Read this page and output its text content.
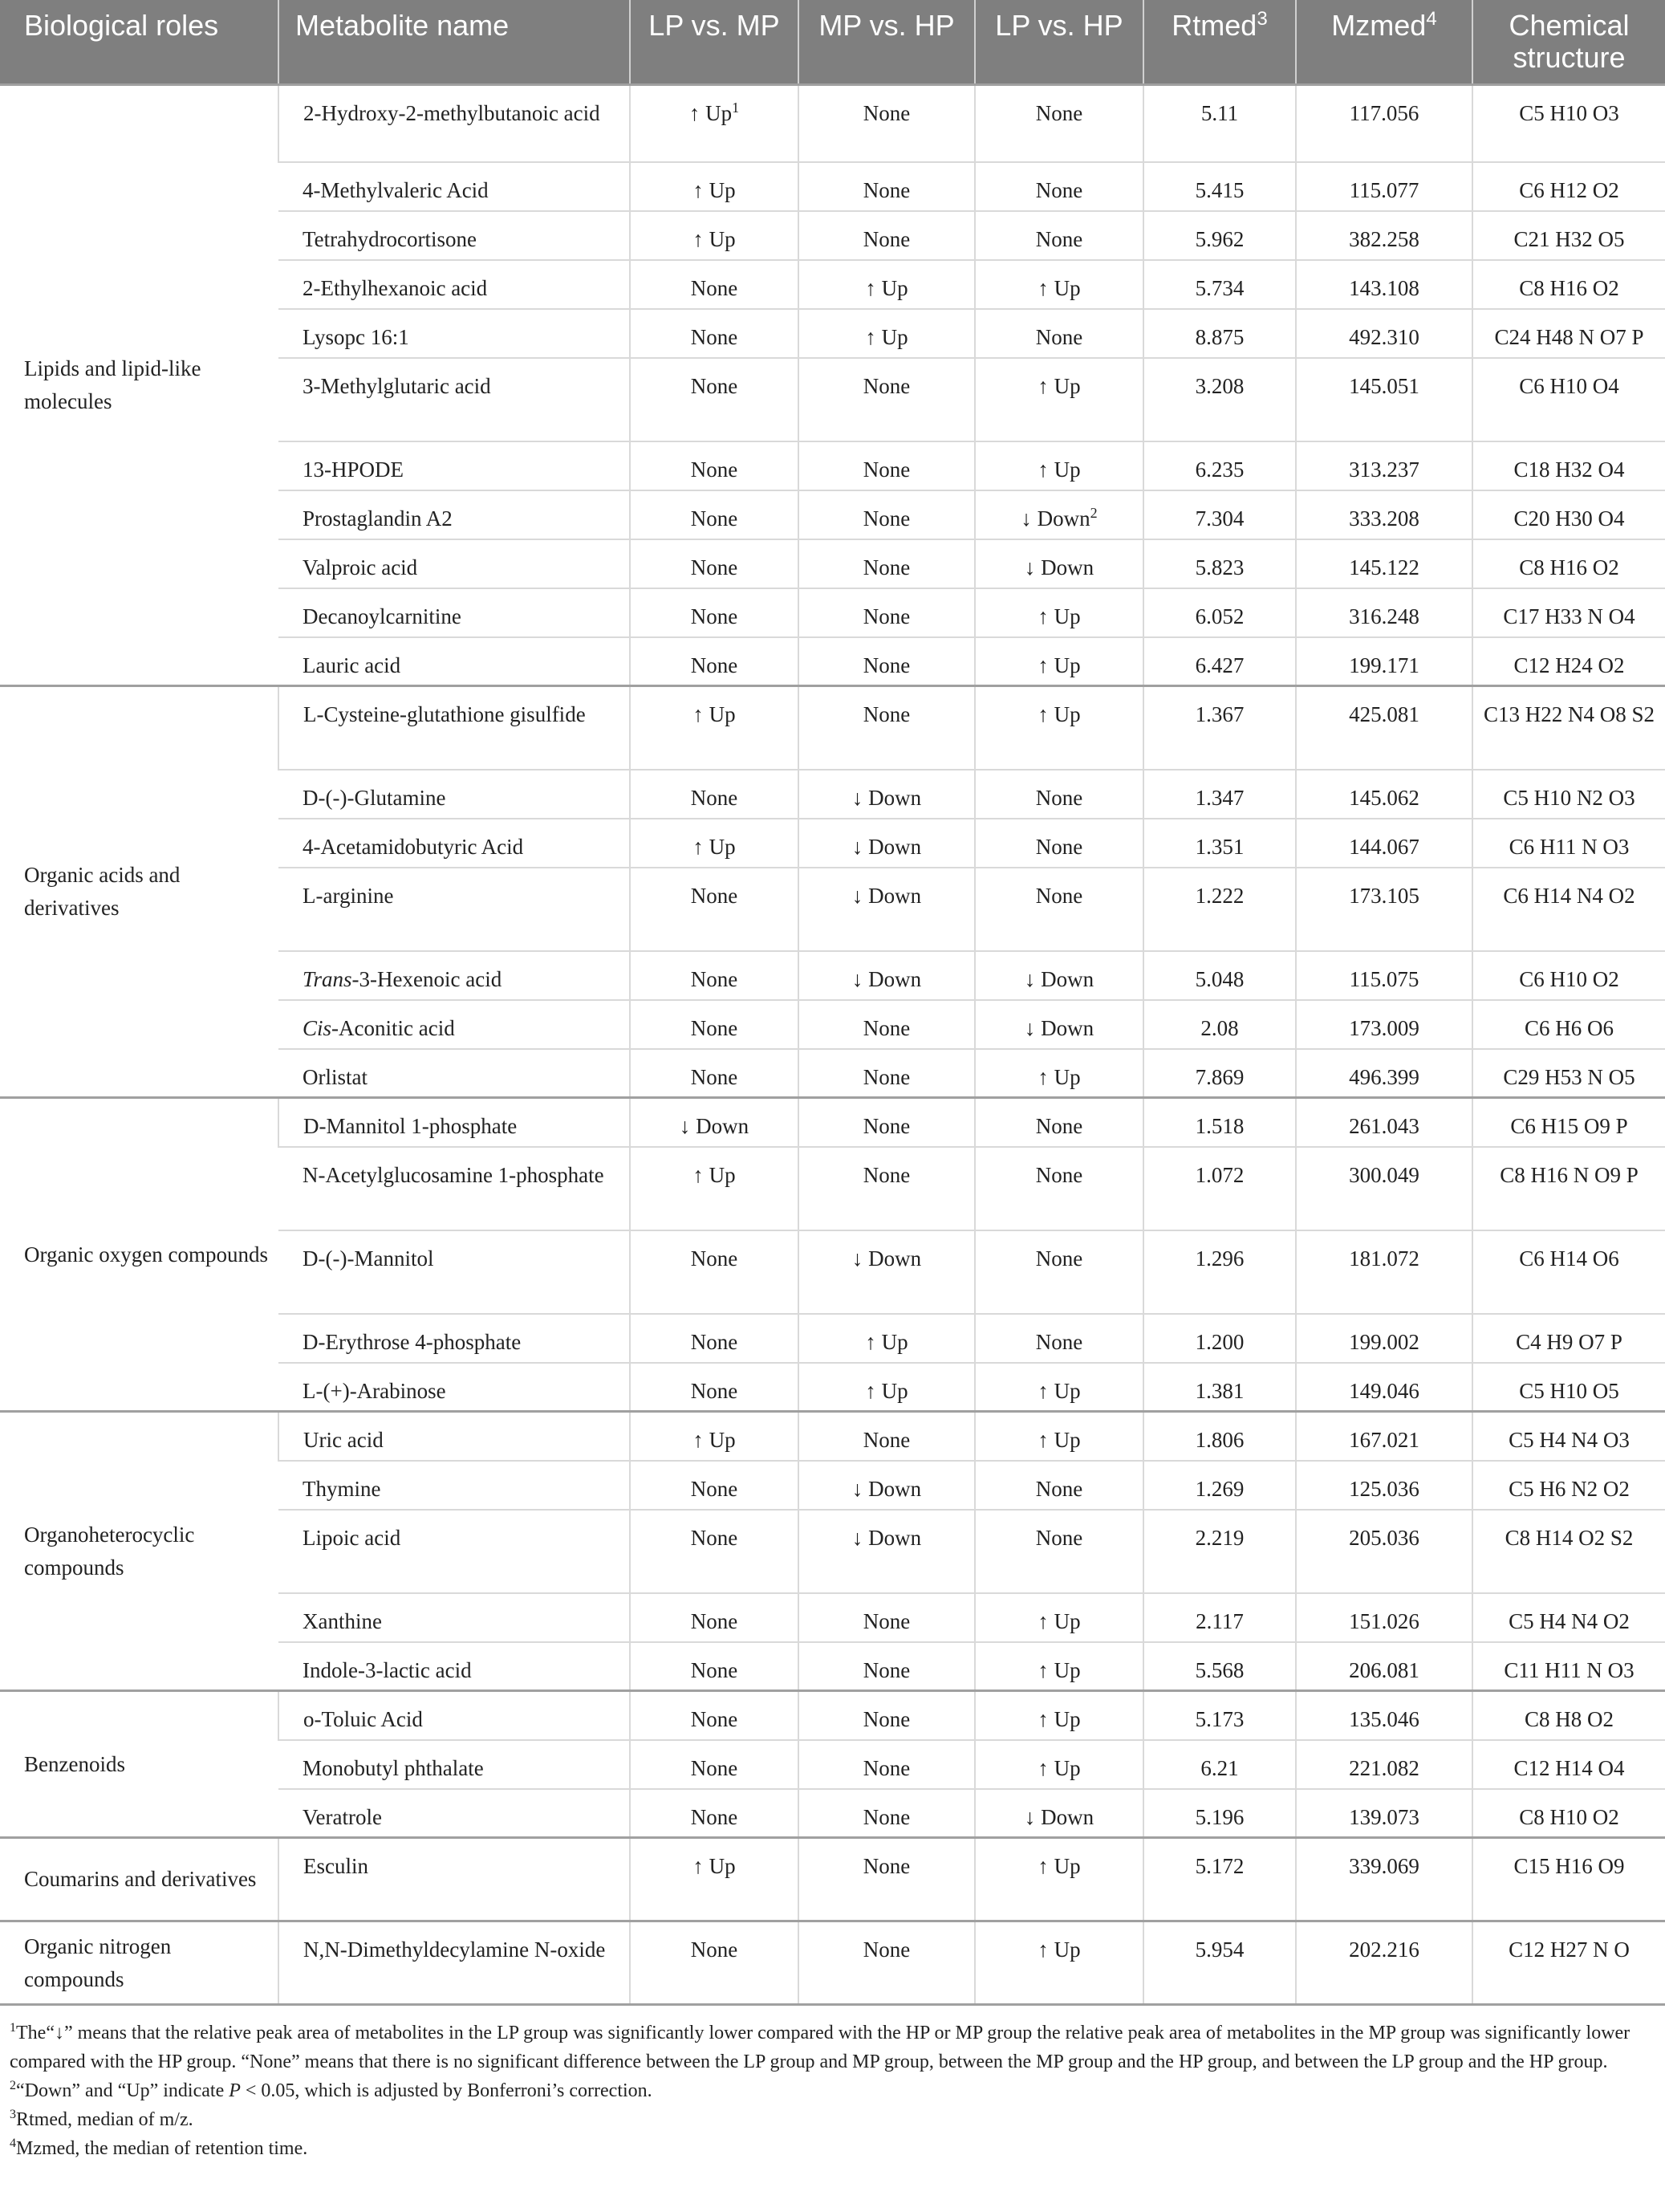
Biological roles	Metabolite name	LP vs. MP	MP vs. HP	LP vs. HP	Rtmed$^3$	Mzmed$^4$	Chemical structure
Lipids and lipid-like molecules	2-Hydroxy-2-methylbutanoic acid	↑ Up$^1$	None	None	5.11	117.056	C5 H10 O3
	4-Methylvaleric Acid	↑ Up	None	None	5.415	115.077	C6 H12 O2
	Tetrahydrocortisone	↑ Up	None	None	5.962	382.258	C21 H32 O5
	2-Ethylhexanoic acid	None	↑ Up	↑ Up	5.734	143.108	C8 H16 O2
	Lysopc 16:1	None	↑ Up	None	8.875	492.310	C24 H48 N O7 P
	3-Methylglutaric acid	None	None	↑ Up	3.208	145.051	C6 H10 O4
	13-HPODE	None	None	↑ Up	6.235	313.237	C18 H32 O4
	Prostaglandin A2	None	None	↓ Down$^2$	7.304	333.208	C20 H30 O4
	Valproic acid	None	None	↓ Down	5.823	145.122	C8 H16 O2
	Decanoylcarnitine	None	None	↑ Up	6.052	316.248	C17 H33 N O4
	Lauric acid	None	None	↑ Up	6.427	199.171	C12 H24 O2
Organic acids and derivatives	L-Cysteine-glutathione gisulfide	↑ Up	None	↑ Up	1.367	425.081	C13 H22 N4 O8 S2
	D-(-)-Glutamine	None	↓ Down	None	1.347	145.062	C5 H10 N2 O3
	4-Acetamidobutyric Acid	↑ Up	↓ Down	None	1.351	144.067	C6 H11 N O3
	L-arginine	None	↓ Down	None	1.222	173.105	C6 H14 N4 O2
	Trans-3-Hexenoic acid	None	↓ Down	↓ Down	5.048	115.075	C6 H10 O2
	Cis-Aconitic acid	None	None	↓ Down	2.08	173.009	C6 H6 O6
	Orlistat	None	None	↑ Up	7.869	496.399	C29 H53 N O5
Organic oxygen compounds	D-Mannitol 1-phosphate	↓ Down	None	None	1.518	261.043	C6 H15 O9 P
	N-Acetylglucosamine 1-phosphate	↑ Up	None	None	1.072	300.049	C8 H16 N O9 P
	D-(-)-Mannitol	None	↓ Down	None	1.296	181.072	C6 H14 O6
	D-Erythrose 4-phosphate	None	↑ Up	None	1.200	199.002	C4 H9 O7 P
	L-(+)-Arabinose	None	↑ Up	↑ Up	1.381	149.046	C5 H10 O5
Organoheterocyclic compounds	Uric acid	↑ Up	None	↑ Up	1.806	167.021	C5 H4 N4 O3
	Thymine	None	↓ Down	None	1.269	125.036	C5 H6 N2 O2
	Lipoic acid	None	↓ Down	None	2.219	205.036	C8 H14 O2 S2
	Xanthine	None	None	↑ Up	2.117	151.026	C5 H4 N4 O2
	Indole-3-lactic acid	None	None	↑ Up	5.568	206.081	C11 H11 N O3
Benzenoids	o-Toluic Acid	None	None	↑ Up	5.173	135.046	C8 H8 O2
	Monobutyl phthalate	None	None	↑ Up	6.21	221.082	C12 H14 O4
	Veratrole	None	None	↓ Down	5.196	139.073	C8 H10 O2
Coumarins and derivatives	Esculin	↑ Up	None	↑ Up	5.172	339.069	C15 H16 O9
Organic nitrogen compounds	N,N-Dimethyldecylamine N-oxide	None	None	↑ Up	5.954	202.216	C12 H27 N O

$^1$The“↓” means that the relative peak area of metabolites in the LP group was significantly lower compared with the HP or MP group the relative peak area of metabolites in the MP group was significantly lower compared with the HP group. “None” means that there is no significant difference between the LP group and MP group, between the MP group and the HP group, and between the LP group and the HP group.

$^2$“Down” and “Up” indicate P < 0.05, which is adjusted by Bonferroni’s correction.

$^3$Rtmed, median of m/z.

$^4$Mzmed, the median of retention time.
